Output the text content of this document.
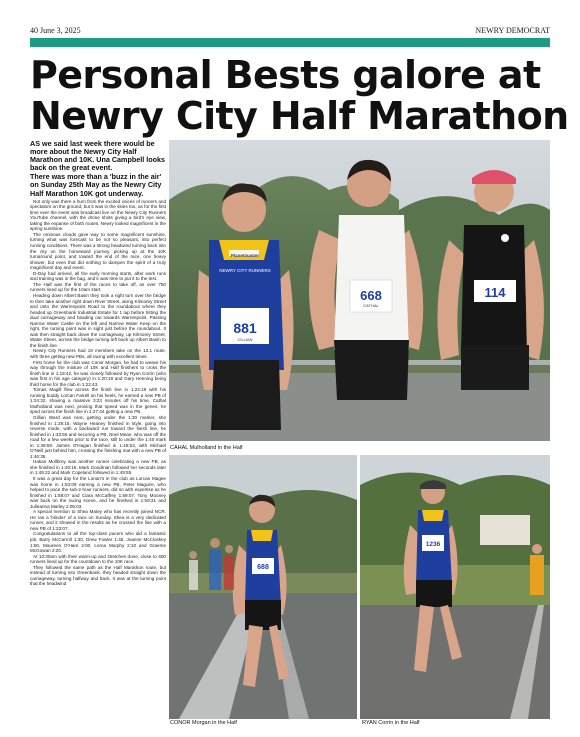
40 June 3, 2025	NEWRY DEMOCRAT
Personal Bests galore at
Newry City Half Marathon

AS we said last week there would be more about the Newry City Half Marathon and 10K. Una Campbell looks back on the great event.

There was more than a 'buzz in the air' on Sunday 25th May as the Newry City Half Marathon 10K got underway.

Not only was there a hum from the excited voices of runners and spectators on the ground, but it was in the skies too, as for the first time ever the event was broadcast live on the Newry City Runners YouTube channel, with the drone shots giving a bird's eye view, taking the expanse of both routes. Newry looked magnificent in the spring sunshine.

The ominous clouds gave way to some magnificent sunshine, turning what was forecast to be not so pleasant, into perfect running conditions. There was a strong headwind turning back into the city on the homeward journey, picking up at the 10K turnaround point, and toward the end of the race, one heavy shower, but even that did nothing to dampen the spirit of a truly magnificent day and event.

D-Day had arrived, all the early morning starts, after work runs and training was in the bag, and it was time to put it to the test.

The Half was the first of the races to take off, as over 750 runners lined up for the 10am start.

Heading down Albert Basin they took a right turn over the bridge to then take another right down River Street, along Kilmorey Street and onto the Warrenpoint Road to the roundabout where they headed up Greenbank Industrial Estate for 1 lap before hitting the dual carriageway and heading out towards Warrenpoint. Passing Narrow Water Castle on the left and Narrow Water Keep on the right, the turning point was in sight just before the roundabout. It was then straight back down the carriageway, up Kilmorey Street, Water Street, across the bridge turning left back up Albert Basin to the finish line.

Newry City Runners had 19 members take on the 13.1 route, with three getting new PBs, all racing with excellent times.

First home for the club was Conor Morgan, he had to weave his way through the mixture of 10K and Half finishers to cross the finish line in 1:19:42, he was closely followed by Ryan Corrin (who was first in his age category) in 1:20:18 and Gary Henning being third home for the club in 1:22:43.

Tomas Magill flew across the finish line in 1:24:19 with his running buddy Lorcan Farrell on his heels, he earned a new PB of 1:24:32, shaving a massive 3:23 minutes off his time. Cathal Mulholland was next, proving that speed was in the genes, he sped across the finish line in 1:27:44 getting a new PB.

Gillian Ward was next, getting under the 1:30 marker, she finished in 1:29:15. Wayne Heaney finished in style, going into reverse mode, with a backward run toward the finish line, he finished in 1:33:55 and securing a PB. Noel Mean, who was off the road for a few weeks prior to the race, still to under the 1:40 mark in 1:39:59. James O'Hagan finished in 1:45:53, with Michael O'Neill just behind him, crossing the finishing mat with a new PB of 1:46:35.

Hakan Mollbrey was another runner celebrating a new PB, as she finished in 1:49:16. Mark Goodman followed her seconds later in 1:49:22 and Mark Copeland followed in 1:49:55.

It was a great day for the Lonan's in the club as Lorcan Magee was home in 1:53:09 earning a new PB, Peter Maguire, who helped to pace the sub-2-hour runners, did so with expertise as he finished in 1:58:07 and Ciara McCaffrey 1:59:07. Tony Mooney was back on the racing scene, and he finished in 1:59:31 and Julieanna Marley 2:05:03.

A special mention to Shea Matey who has recently joined NCR. He ran a 'blinder' of a race on Sunday. Shea is a very dedicated runner, and it showed in the results as he crossed the line with a new PB of 1:23:07.

Congratulations to all the top-class pacers who did a fantastic job. Barry McCarroll 1:30, Drew Fowler 1:45, Joanne McCloskey 1:50, Maureen O'Hare 2:00, Lorna Murphy 2:10 and Graeme McGowan 2:20.

At 10:30am with their warm-up and stretches done, close to 600 runners lined up for the countdown to the 10K race.

They followed the same path as the Half Marathon route, but instead of turning into Greenbank, they headed straight down the carriageway, turning halfway and back. It was at the turning point that the headwind

NEWRY CITY RUNNERS
Planetmaster
881
CILLIAN
668
CATHAL
114
CAHAL Mulholland in the Half
688
CONOR Morgan in the Half
1236
RYAN Corrin in the Half
